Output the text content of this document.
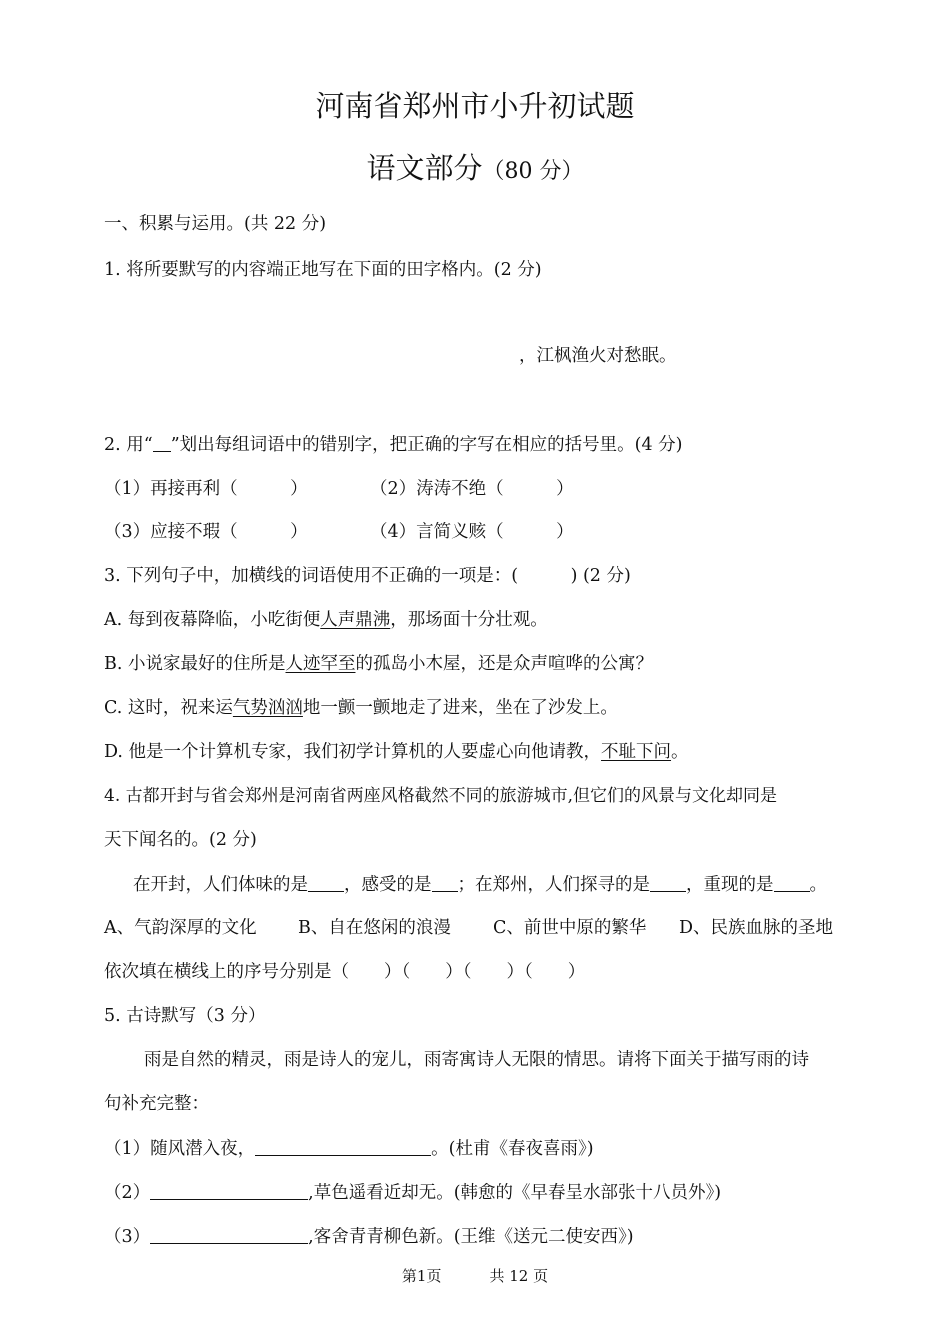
河南省郑州市小升初试题
语文部分（80 分）
一、积累与运用。(共 22 分)
1. 将所要默写的内容端正地写在下面的田字格内。(2 分)
，江枫渔火对愁眠。
2. 用“ ”划出每组词语中的错别字，把正确的字写在相应的括号里。(4 分)
（1）再接再利（　　　）	（2）涛涛不绝（　　　）
（3）应接不瑕（　　　）	（4）言简义赅（　　　）
3. 下列句子中，加横线的词语使用不正确的一项是：(　　　) (2 分)
A. 每到夜幕降临，小吃街便人声鼎沸，那场面十分壮观。
B. 小说家最好的住所是人迹罕至的孤岛小木屋，还是众声喧哗的公寓？
C. 这时，祝来运气势汹汹地一颤一颤地走了进来，坐在了沙发上。
D. 他是一个计算机专家，我们初学计算机的人要虚心向他请教，不耻下问。
4. 古都开封与省会郑州是河南省两座风格截然不同的旅游城市,但它们的风景与文化却同是
天下闻名的。(2 分)
在开封，人们体味的是 ，感受的是 ；在郑州，人们探寻的是 ，重现的是 。
A、气韵深厚的文化 B、自在悠闲的浪漫 C、前世中原的繁华 D、民族血脉的圣地
依次填在横线上的序号分别是（　　）（　　）（　　）（　　）
5. 古诗默写（3 分）
雨是自然的精灵，雨是诗人的宠儿，雨寄寓诗人无限的情思。请将下面关于描写雨的诗
句补充完整：
（1）随风潜入夜，	。(杜甫《春夜喜雨》)
（2）	,草色遥看近却无。(韩愈的《早春呈水部张十八员外》)
（3）	,客舍青青柳色新。(王维《送元二使安西》)
第1页	共 12 页
